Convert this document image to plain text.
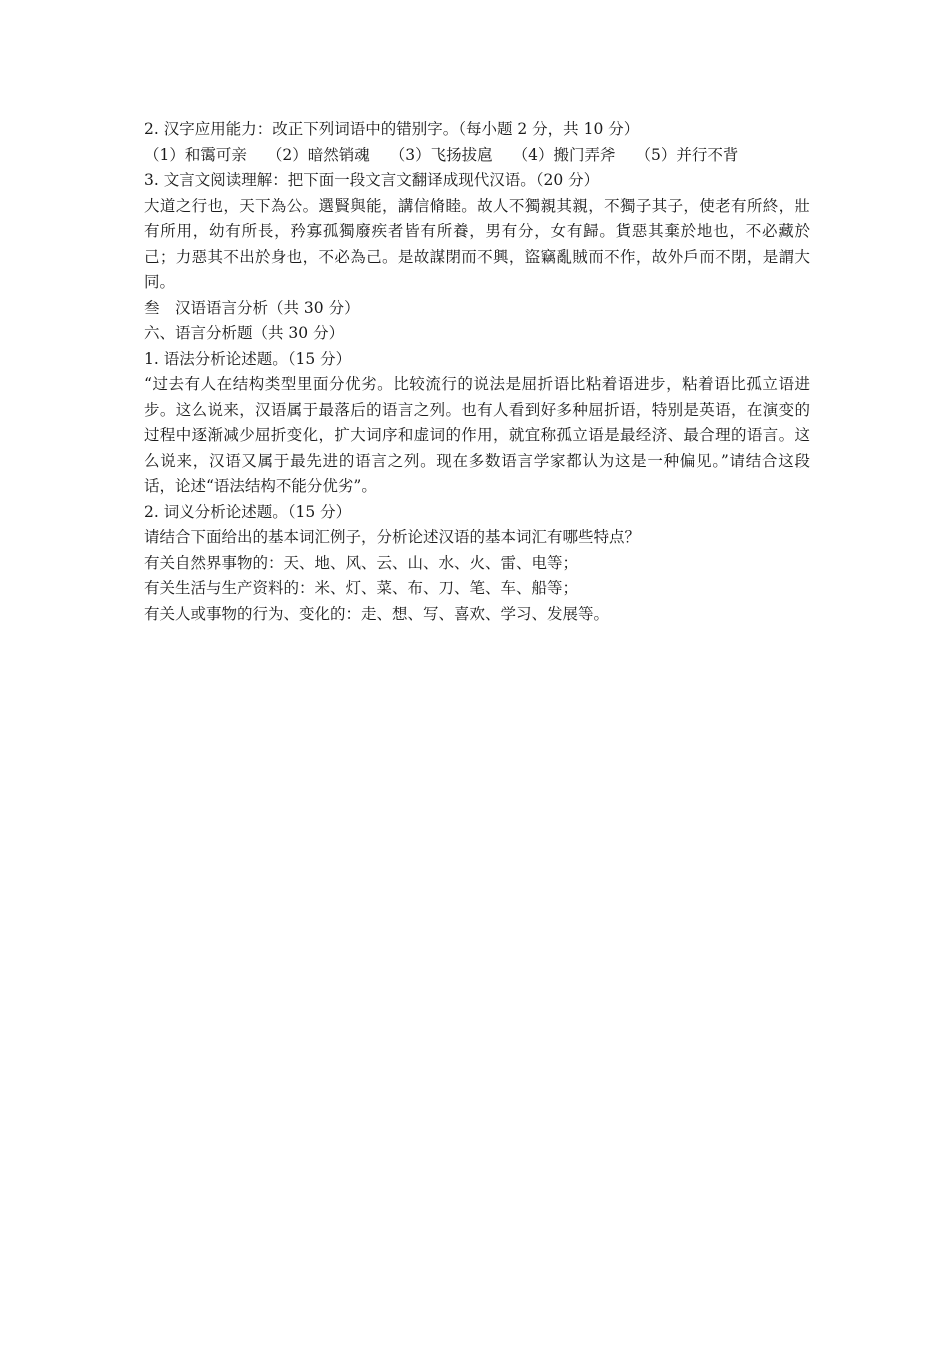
2. 汉字应用能力：改正下列词语中的错别字。（每小题 2 分，共 10 分）

（1）和霭可亲 （2）暗然销魂 （3）飞扬拔扈 （4）搬门弄斧 （5）并行不背

3. 文言文阅读理解：把下面一段文言文翻译成现代汉语。（20 分）

大道之行也，天下為公。選賢與能，講信脩睦。故人不獨親其親，不獨子其子，使老有所終，壯有所用，幼有所長，矜寡孤獨廢疾者皆有所養，男有分，女有歸。貨惡其棄於地也，不必藏於己；力惡其不出於身也，不必為己。是故謀閉而不興，盜竊亂賊而不作，故外戶而不閉，是謂大同。

叁　汉语语言分析（共 30 分）

六、语言分析题（共 30 分）

1. 语法分析论述题。（15 分）

“过去有人在结构类型里面分优劣。比较流行的说法是屈折语比粘着语进步，粘着语比孤立语进步。这么说来，汉语属于最落后的语言之列。也有人看到好多种屈折语，特别是英语，在演变的过程中逐渐减少屈折变化，扩大词序和虚词的作用，就宜称孤立语是最经济、最合理的语言。这么说来，汉语又属于最先进的语言之列。现在多数语言学家都认为这是一种偏见。”请结合这段话，论述“语法结构不能分优劣”。

2. 词义分析论述题。（15 分）

请结合下面给出的基本词汇例子，分析论述汉语的基本词汇有哪些特点？

有关自然界事物的：天、地、风、云、山、水、火、雷、电等；

有关生活与生产资料的：米、灯、菜、布、刀、笔、车、船等；

有关人或事物的行为、变化的：走、想、写、喜欢、学习、发展等。
